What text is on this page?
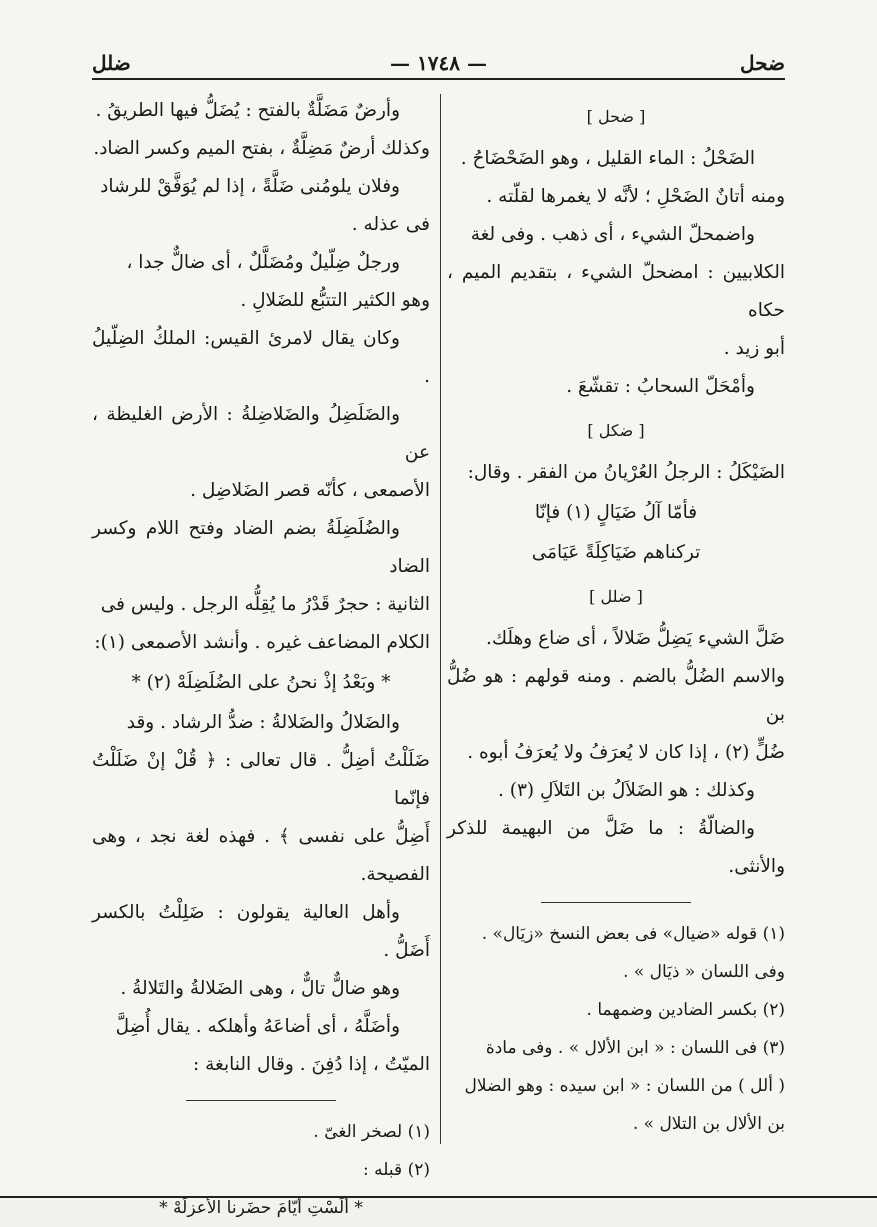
ضحل
— ١٧٤٨ —
ضلل
[ ضحل ]

الضَحْلُ : الماء القليل ، وهو الضَحْضَاحُ .

ومنه أتانٌ الضَحْلِ ؛ لأنَّه لا يغمرها لقلّته .

واضمحلّ الشيء ، أى ذهب . وفى لغة

الكلابيين : امضحلّ الشيء ، بتقديم الميم ، حكاه

أبو زيد .

وأمْحَلّ السحابُ : تقشّعَ .

[ ضكل ]

الضَيْكَلُ : الرجلُ العُرْيانُ من الفقر . وقال:

فأمّا آلُ ضَيَالٍ (١) فإنّا

تركناهم ضَيَاكِلَةً عَيَامَى

[ ضلل ]

ضَلَّ الشيء يَضِلُّ ضَلالاً ، أى ضاع وهلَك.

والاسم الضُلُّ بالضم . ومنه قولهم : هو ضُلُّ بن

ضُلٍّ (٢) ، إذا كان لا يُعرَفُ ولا يُعرَفُ أبوه .

وكذلك : هو الضَلاَلُ بن التَلاَلِ (٣) .

والضالّةُ : ما ضَلَّ من البهيمة للذكر والأنثى.

(١) قوله «ضيال» فى بعض النسخ «زيَال» .

وفى اللسان « ذيَال » .

(٢) بكسر الضادين وضمهما .

(٣) فى اللسان : « ابن الألال » . وفى مادة

( ألل ) من اللسان : « ابن سيده : وهو الضلال

بن الألال بن التلال » .

وأرضٌ مَضَلَّةٌ بالفتح : يُضَلُّ فيها الطريقُ .

وكذلك أرضٌ مَضِلَّةٌ ، بفتح الميم وكسر الضاد.

وفلان يلومُنى ضَلَّةً ، إذا لم يُوَفَّقْ للرشاد

فى عذله .

ورجلٌ ضِلّيلٌ ومُضَلَّلٌ ، أى ضالٌّ جدا ،

وهو الكثير التتبُّع للضَلالِ .

وكان يقال لامرئ القيس: الملكُ الضِلّيلُ .

والضَلَضِلُ والضَلاضِلةُ : الأرض الغليظة ، عن

الأصمعى ، كأنّه قصر الضَلاضِل .

والضُلَضِلَةُ بضم الضاد وفتح اللام وكسر الضاد

الثانية : حجرٌ قَدْرُ ما يُقِلُّه الرجل . وليس فى

الكلام المضاعف غيره . وأنشد الأصمعى (١):

* وبَعْدُ إذْ نحنُ على الضُلَضِلَهْ (٢) *

والضَلالُ والضَلالةُ : ضدُّ الرشاد . وقد

ضَلَلْتُ أضِلُّ . قال تعالى : ﴿ قُلْ إنْ ضَلَلْتُ فإنّما

أَضِلُّ على نفسى ﴾ . فهذه لغة نجد ، وهى الفصيحة.

وأهل العالية يقولون : ضَلِلْتُ بالكسر أَضَلُّ .

وهو ضالٌّ تالٌّ ، وهى الضَلالةُ والتَلالةُ .

وأضَلَّهُ ، أى أضاعَهُ وأهلكه . يقال أُضِلَّ

الميّتُ ، إذا دُفِنَ . وقال النابغة :

(١) لصخر الغىّ .

(٢) قبله :

* ألَسْتِ أيّامَ حضَرنا الأعزلَهْ *
